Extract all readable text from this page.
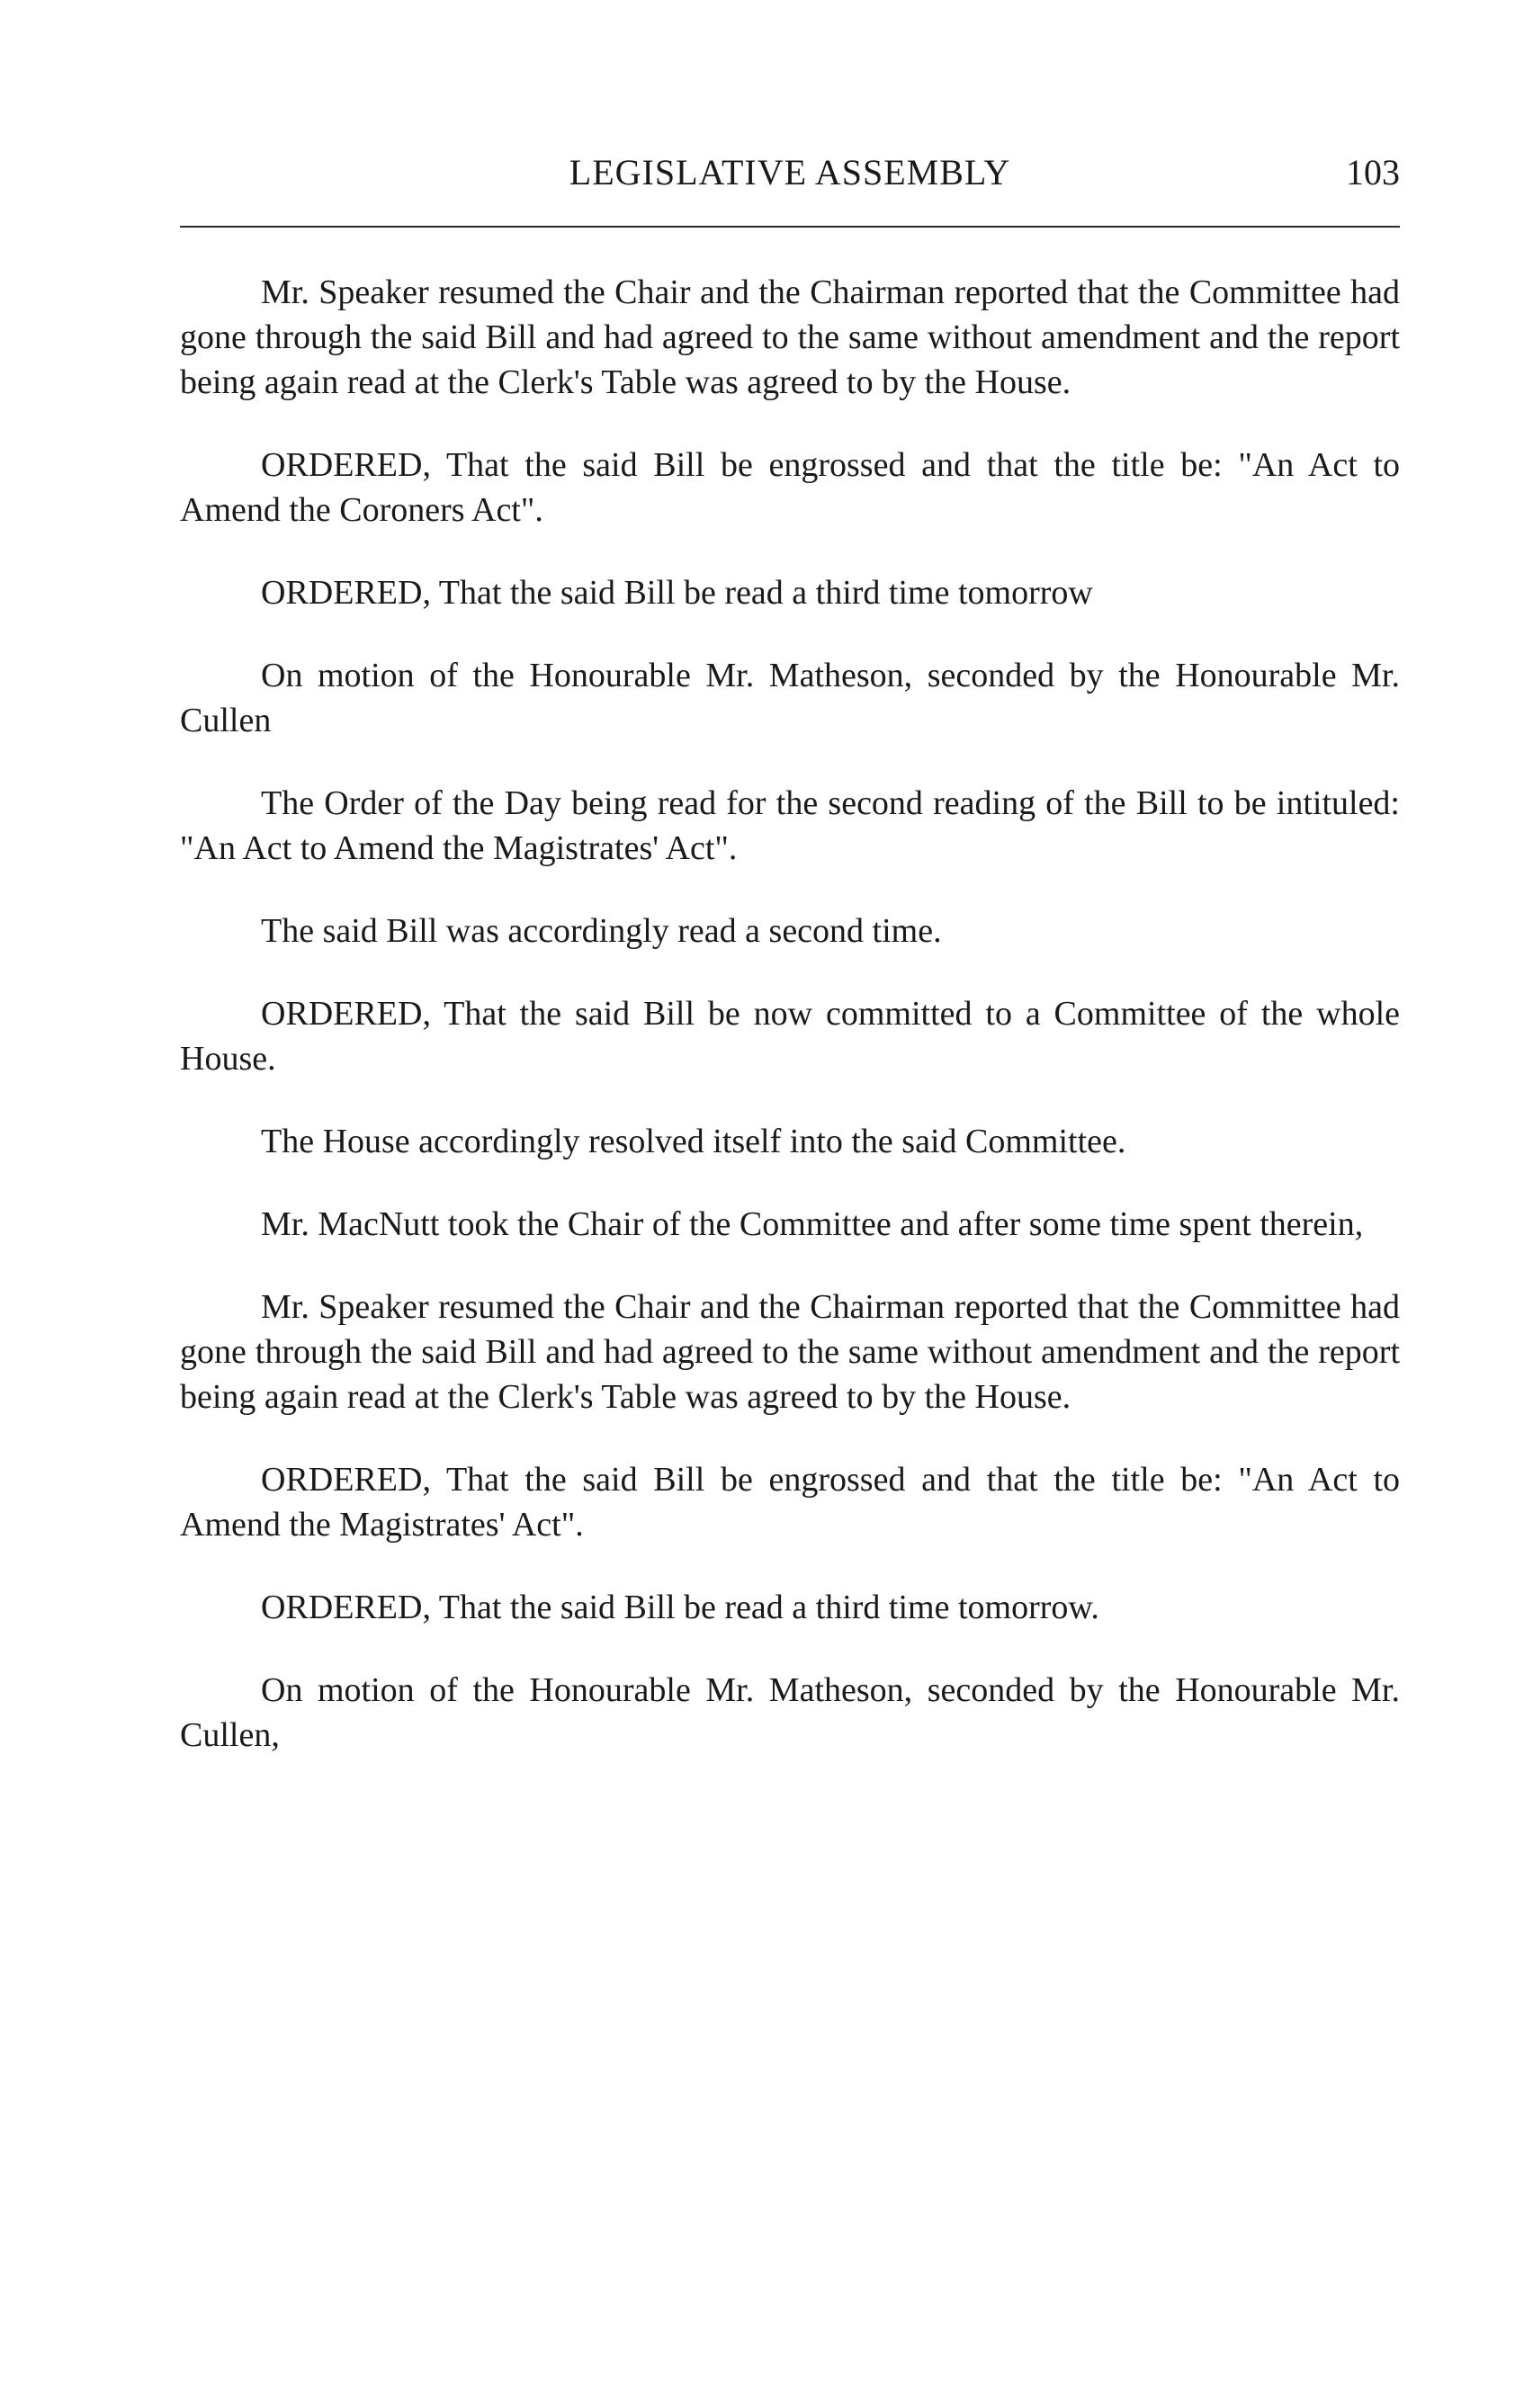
LEGISLATIVE ASSEMBLY	103

Mr. Speaker resumed the Chair and the Chairman reported that the Committee had gone through the said Bill and had agreed to the same without amendment and the report being again read at the Clerk's Table was agreed to by the House.

ORDERED, That the said Bill be engrossed and that the title be: "An Act to Amend the Coroners Act".

ORDERED, That the said Bill be read a third time tomorrow

On motion of the Honourable Mr. Matheson, seconded by the Honourable Mr. Cullen

The Order of the Day being read for the second reading of the Bill to be intituled: "An Act to Amend the Magistrates' Act".

The said Bill was accordingly read a second time.

ORDERED, That the said Bill be now committed to a Committee of the whole House.

The House accordingly resolved itself into the said Committee.

Mr. MacNutt took the Chair of the Committee and after some time spent therein,

Mr. Speaker resumed the Chair and the Chairman reported that the Committee had gone through the said Bill and had agreed to the same without amendment and the report being again read at the Clerk's Table was agreed to by the House.

ORDERED, That the said Bill be engrossed and that the title be: "An Act to Amend the Magistrates' Act".

ORDERED, That the said Bill be read a third time tomorrow.

On motion of the Honourable Mr. Matheson, seconded by the Honourable Mr. Cullen,
